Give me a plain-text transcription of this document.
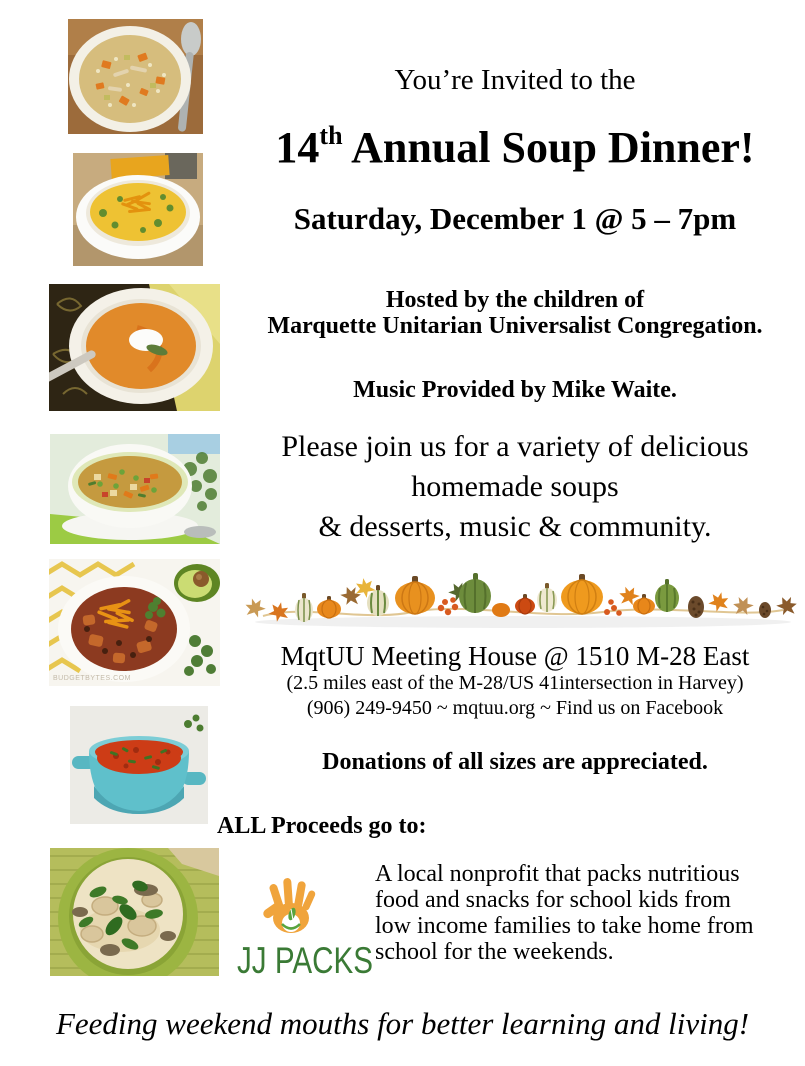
BUDGETBYTES.COM
You’re Invited to the
14th Annual Soup Dinner!
Saturday, December 1 @ 5 – 7pm
Hosted by the children of
Marquette Unitarian Universalist Congregation.
Music Provided by Mike Waite.
Please join us for a variety of delicious
homemade soups
& desserts, music & community.
MqtUU Meeting House @ 1510 M-28 East
(2.5 miles east of the M-28/US 41intersection in Harvey)
(906) 249-9450 ~ mqtuu.org ~ Find us on Facebook
Donations of all sizes are appreciated.
ALL Proceeds go to:
JJ PACKS
A local nonprofit that packs nutritious
food and snacks for school kids from
low income families to take home from
school for the weekends.
Feeding weekend mouths for better learning and living!
